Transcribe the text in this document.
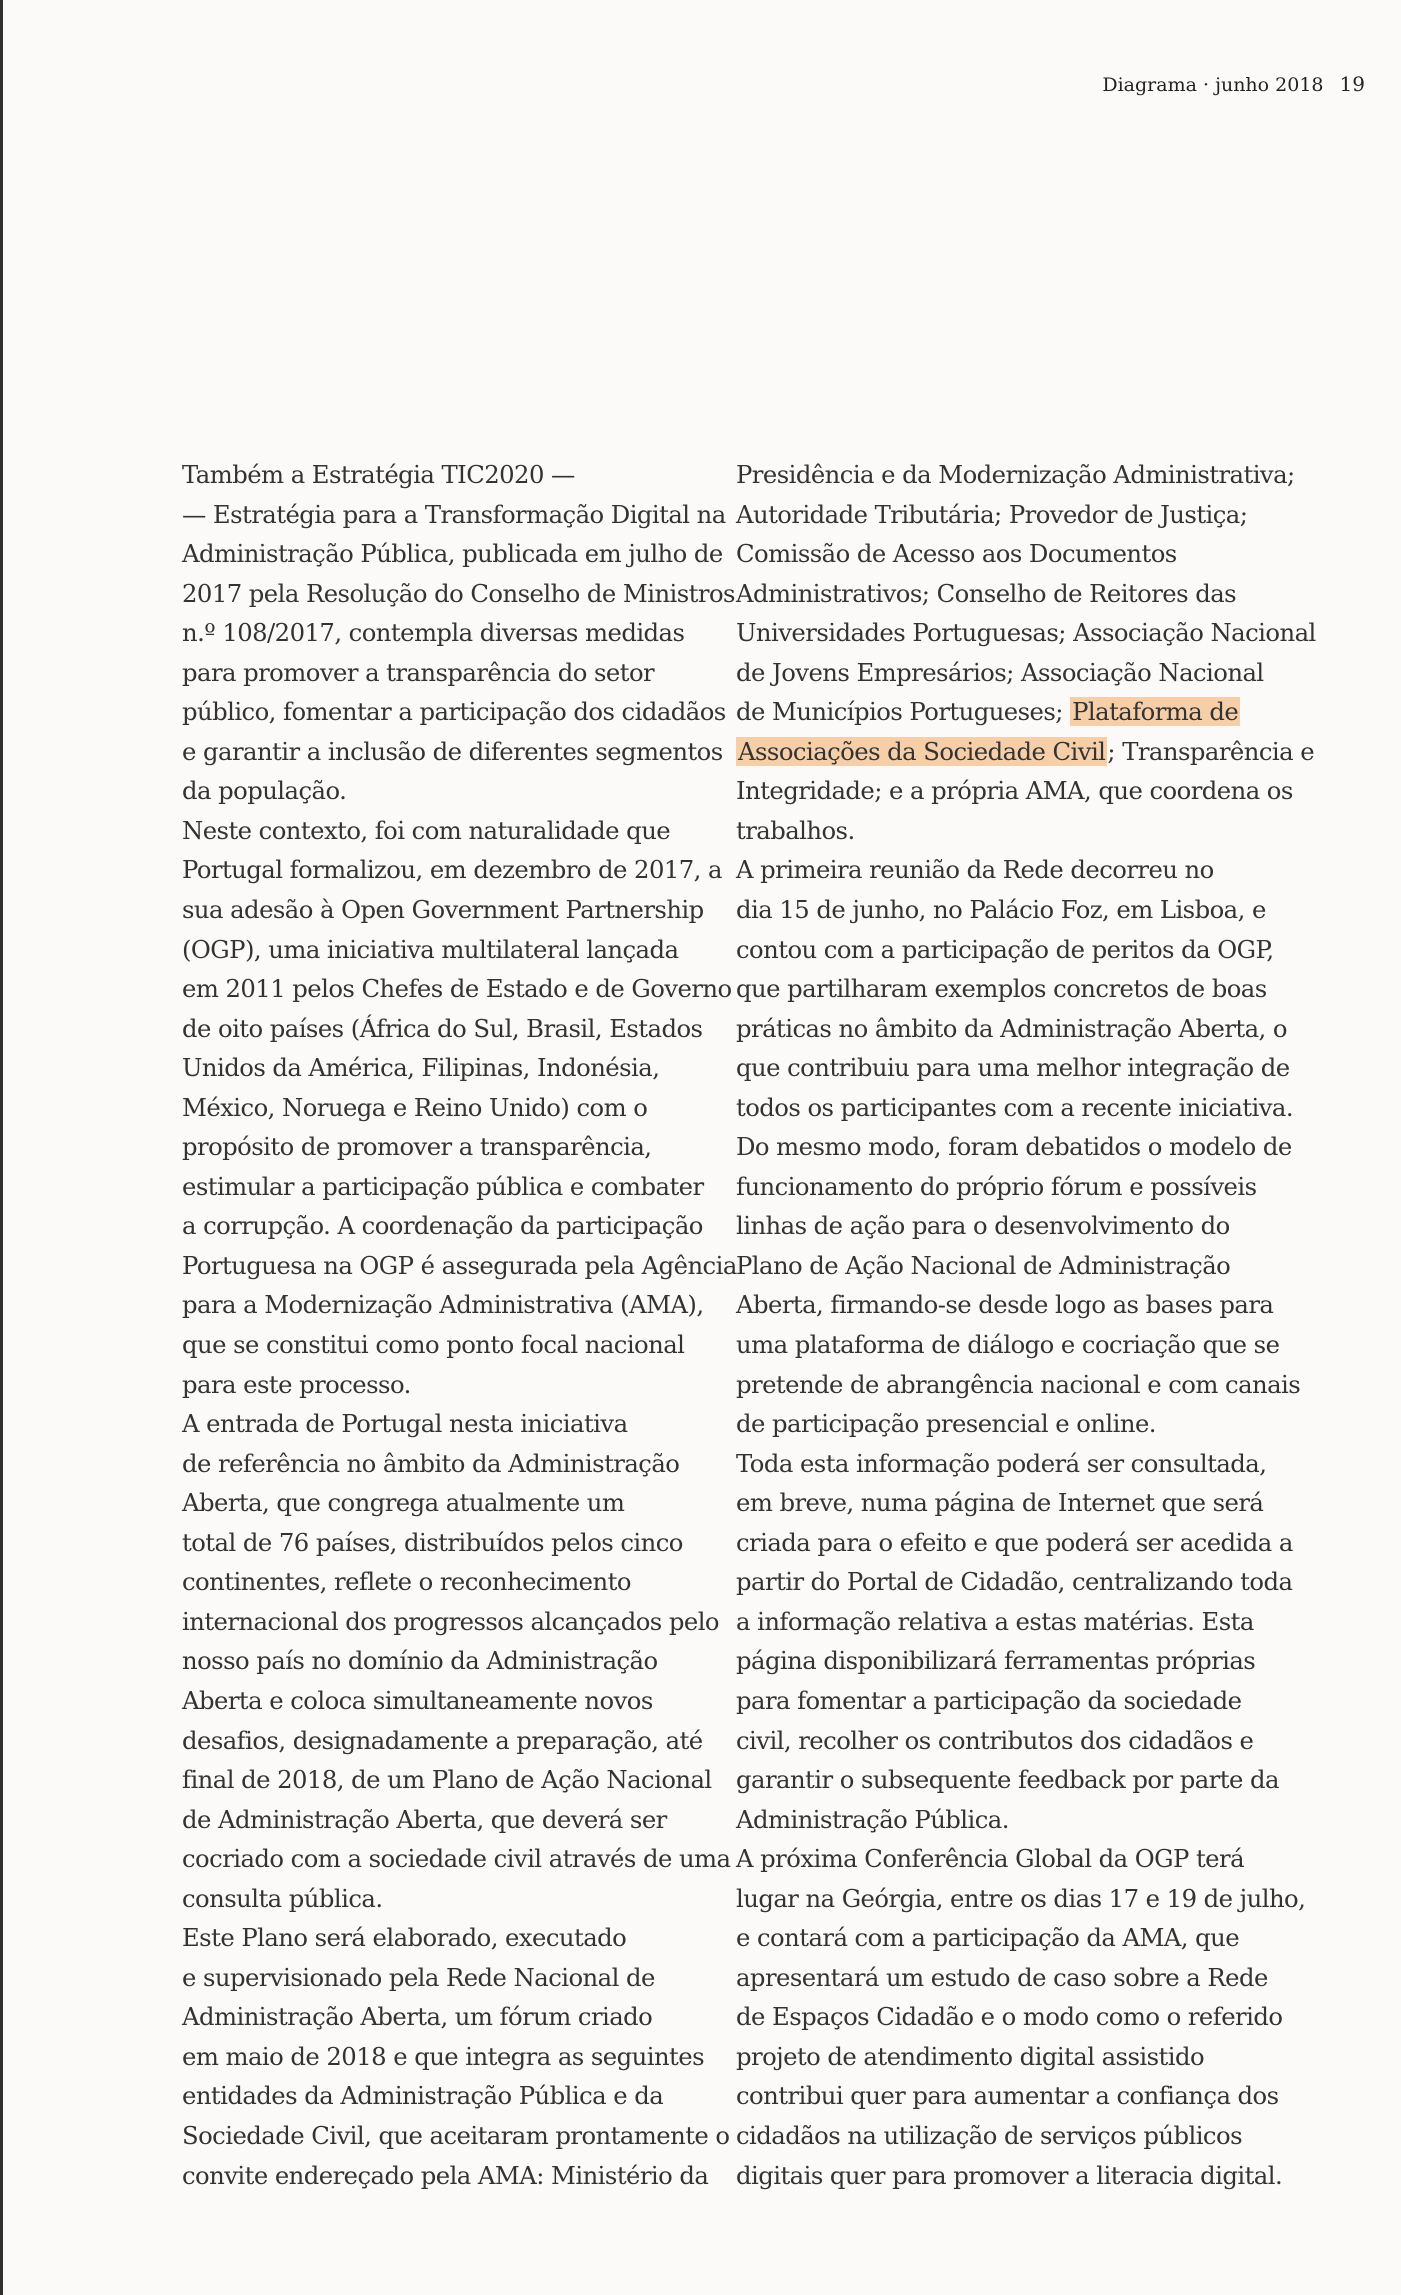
Diagrama · junho 2018 19

Também a Estratégia TIC2020 —
— Estratégia para a Transformação Digital na
Administração Pública, publicada em julho de
2017 pela Resolução do Conselho de Ministros
n.º 108/2017, contempla diversas medidas
para promover a transparência do setor
público, fomentar a participação dos cidadãos
e garantir a inclusão de diferentes segmentos
da população.

Neste contexto, foi com naturalidade que
Portugal formalizou, em dezembro de 2017, a
sua adesão à Open Government Partnership
(OGP), uma iniciativa multilateral lançada
em 2011 pelos Chefes de Estado e de Governo
de oito países (África do Sul, Brasil, Estados
Unidos da América, Filipinas, Indonésia,
México, Noruega e Reino Unido) com o
propósito de promover a transparência,
estimular a participação pública e combater
a corrupção. A coordenação da participação
Portuguesa na OGP é assegurada pela Agência
para a Modernização Administrativa (AMA),
que se constitui como ponto focal nacional
para este processo.

A entrada de Portugal nesta iniciativa
de referência no âmbito da Administração
Aberta, que congrega atualmente um
total de 76 países, distribuídos pelos cinco
continentes, reflete o reconhecimento
internacional dos progressos alcançados pelo
nosso país no domínio da Administração
Aberta e coloca simultaneamente novos
desafios, designadamente a preparação, até
final de 2018, de um Plano de Ação Nacional
de Administração Aberta, que deverá ser
cocriado com a sociedade civil através de uma
consulta pública.

Este Plano será elaborado, executado
e supervisionado pela Rede Nacional de
Administração Aberta, um fórum criado
em maio de 2018 e que integra as seguintes
entidades da Administração Pública e da
Sociedade Civil, que aceitaram prontamente o
convite endereçado pela AMA: Ministério da

Presidência e da Modernização Administrativa;
Autoridade Tributária; Provedor de Justiça;
Comissão de Acesso aos Documentos
Administrativos; Conselho de Reitores das
Universidades Portuguesas; Associação Nacional
de Jovens Empresários; Associação Nacional
de Municípios Portugueses; Plataforma de
Associações da Sociedade Civil; Transparência e
Integridade; e a própria AMA, que coordena os
trabalhos.

A primeira reunião da Rede decorreu no
dia 15 de junho, no Palácio Foz, em Lisboa, e
contou com a participação de peritos da OGP,
que partilharam exemplos concretos de boas
práticas no âmbito da Administração Aberta, o
que contribuiu para uma melhor integração de
todos os participantes com a recente iniciativa.
Do mesmo modo, foram debatidos o modelo de
funcionamento do próprio fórum e possíveis
linhas de ação para o desenvolvimento do
Plano de Ação Nacional de Administração
Aberta, firmando-se desde logo as bases para
uma plataforma de diálogo e cocriação que se
pretende de abrangência nacional e com canais
de participação presencial e online.

Toda esta informação poderá ser consultada,
em breve, numa página de Internet que será
criada para o efeito e que poderá ser acedida a
partir do Portal de Cidadão, centralizando toda
a informação relativa a estas matérias. Esta
página disponibilizará ferramentas próprias
para fomentar a participação da sociedade
civil, recolher os contributos dos cidadãos e
garantir o subsequente feedback por parte da
Administração Pública.

A próxima Conferência Global da OGP terá
lugar na Geórgia, entre os dias 17 e 19 de julho,
e contará com a participação da AMA, que
apresentará um estudo de caso sobre a Rede
de Espaços Cidadão e o modo como o referido
projeto de atendimento digital assistido
contribui quer para aumentar a confiança dos
cidadãos na utilização de serviços públicos
digitais quer para promover a literacia digital.
